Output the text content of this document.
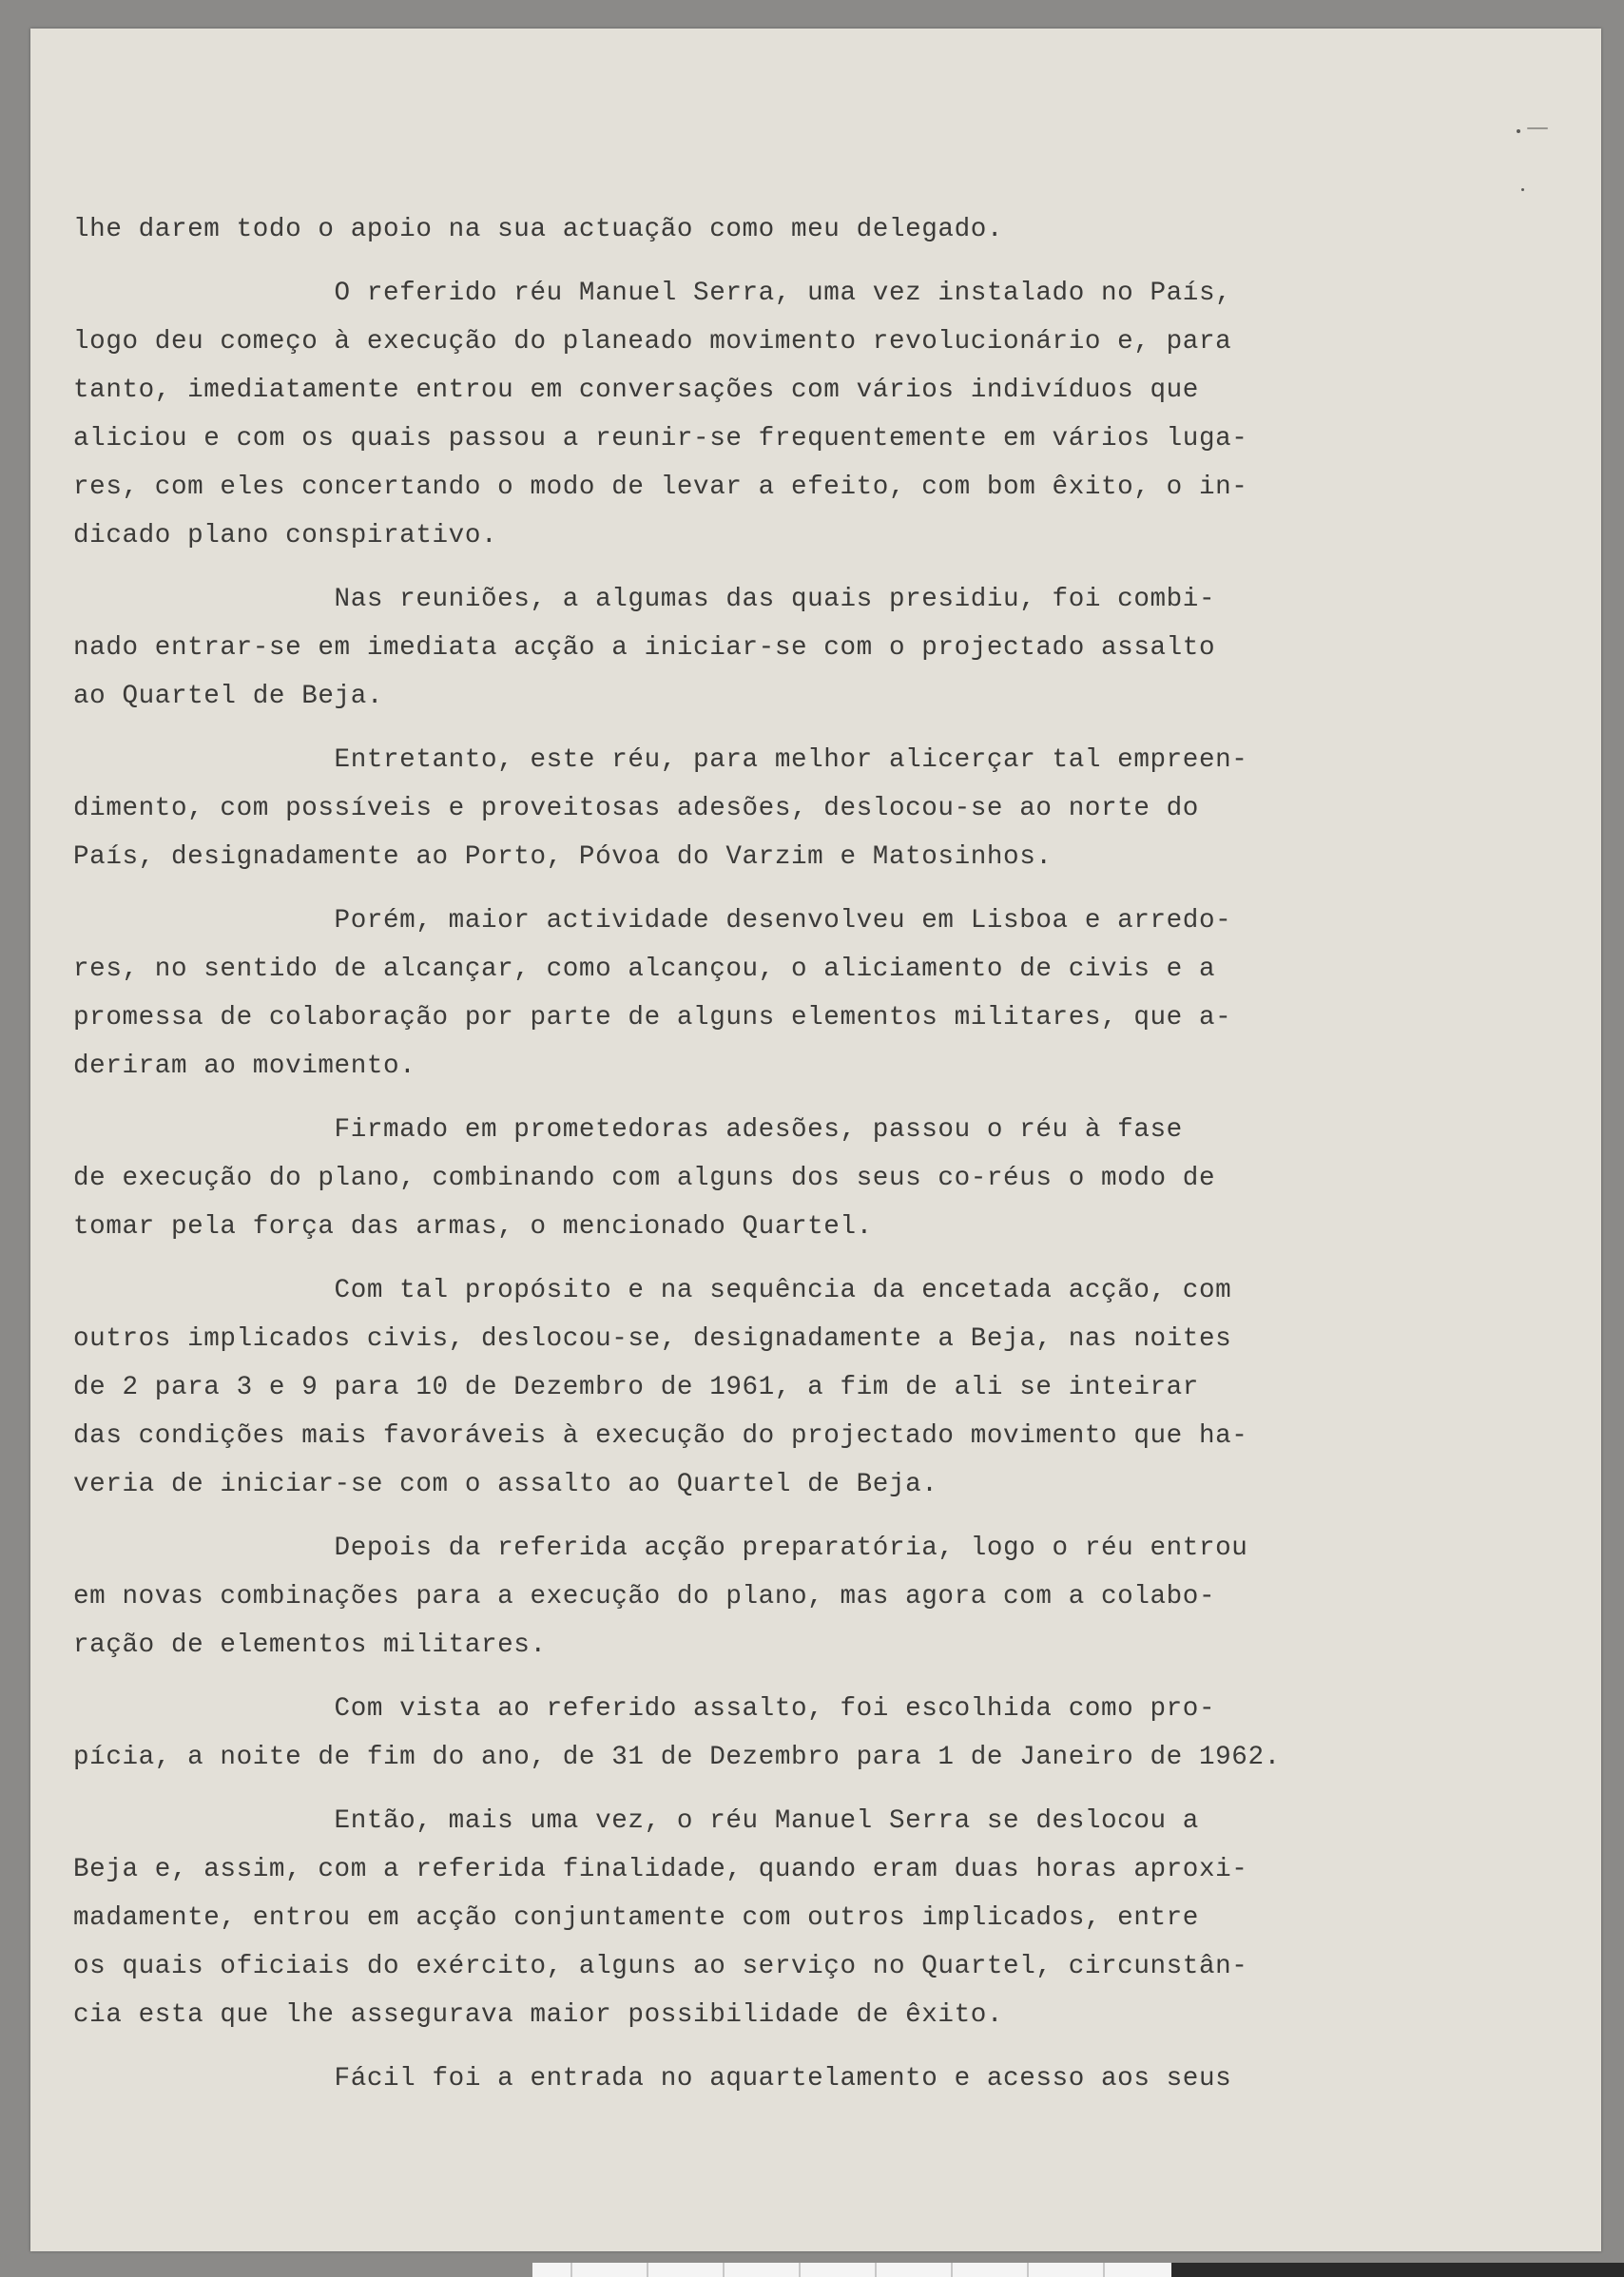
lhe darem todo o apoio na sua actuação como meu delegado.
O referido réu Manuel Serra, uma vez instalado no País,
logo deu começo à execução do planeado movimento revolucionário e, para
tanto, imediatamente entrou em conversações com vários indivíduos que
aliciou e com os quais passou a reunir-se frequentemente em vários luga-
res, com eles concertando o modo de levar a efeito, com bom êxito, o in-
dicado plano conspirativo.
Nas reuniões, a algumas das quais presidiu, foi combi-
nado entrar-se em imediata acção a iniciar-se com o projectado assalto
ao Quartel de Beja.
Entretanto, este réu, para melhor alicerçar tal empreen-
dimento, com possíveis e proveitosas adesões, deslocou-se ao norte do
País, designadamente ao Porto, Póvoa do Varzim e Matosinhos.
Porém, maior actividade desenvolveu em Lisboa e arredo-
res, no sentido de alcançar, como alcançou, o aliciamento de civis e a
promessa de colaboração por parte de alguns elementos militares, que a-
deriram ao movimento.
Firmado em prometedoras adesões, passou o réu à fase
de execução do plano, combinando com alguns dos seus co-réus o modo de
tomar pela força das armas, o mencionado Quartel.
Com tal propósito e na sequência da encetada acção, com
outros implicados civis, deslocou-se, designadamente a Beja, nas noites
de 2 para 3 e 9 para 10 de Dezembro de 1961, a fim de ali se inteirar
das condições mais favoráveis à execução do projectado movimento que ha-
veria de iniciar-se com o assalto ao Quartel de Beja.
Depois da referida acção preparatória, logo o réu entrou
em novas combinações para a execução do plano, mas agora com a colabo-
ração de elementos militares.
Com vista ao referido assalto, foi escolhida como pro-
pícia, a noite de fim do ano, de 31 de Dezembro para 1 de Janeiro de 1962.
Então, mais uma vez, o réu Manuel Serra se deslocou a
Beja e, assim, com a referida finalidade, quando eram duas horas aproxi-
madamente, entrou em acção conjuntamente com outros implicados, entre
os quais oficiais do exército, alguns ao serviço no Quartel, circunstân-
cia esta que lhe assegurava maior possibilidade de êxito.
Fácil foi a entrada no aquartelamento e acesso aos seus
